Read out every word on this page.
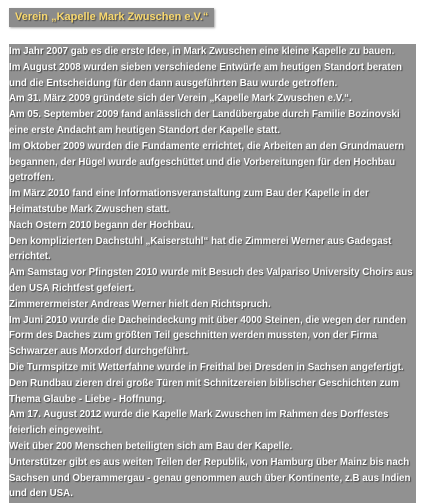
Verein „Kapelle Mark Zwuschen e.V.“
Im Jahr 2007 gab es die erste Idee, in Mark Zwuschen eine kleine Kapelle zu bauen.
Im August 2008 wurden sieben verschiedene Entwürfe am heutigen Standort beraten
und die Entscheidung für den dann ausgeführten Bau wurde getroffen.
Am 31. März 2009 gründete sich der Verein „Kapelle Mark Zwuschen e.V.“.
Am 05. September 2009 fand anlässlich der Landübergabe durch Familie Bozinovski
eine erste Andacht am heutigen Standort der Kapelle statt.
Im Oktober 2009 wurden die Fundamente errichtet, die Arbeiten an den Grundmauern
begannen, der Hügel wurde aufgeschüttet und die Vorbereitungen für den Hochbau
getroffen.
Im März 2010 fand eine Informationsveranstaltung zum Bau der Kapelle in der
Heimatstube Mark Zwuschen statt.
Nach Ostern 2010 begann der Hochbau.
Den komplizierten Dachstuhl „Kaiserstuhl“ hat die Zimmerei Werner aus Gadegast
errichtet.
Am Samstag vor Pfingsten 2010 wurde mit Besuch des Valpariso University Choirs aus
den USA Richtfest gefeiert.
Zimmerermeister Andreas Werner hielt den Richtspruch.
Im Juni 2010 wurde die Dacheindeckung mit über 4000 Steinen, die wegen der runden
Form des Daches zum größten Teil geschnitten werden mussten, von der Firma
Schwarzer aus Morxdorf durchgeführt.
Die Turmspitze mit Wetterfahne wurde in Freithal bei Dresden in Sachsen angefertigt.
Den Rundbau zieren drei große Türen mit Schnitzereien biblischer Geschichten zum
Thema Glaube - Liebe - Hoffnung.
Am 17. August 2012 wurde die Kapelle Mark Zwuschen im Rahmen des Dorffestes
feierlich eingeweiht.
Weit über 200 Menschen beteiligten sich am Bau der Kapelle.
Unterstützer gibt es aus weiten Teilen der Republik, von Hamburg über Mainz bis nach
Sachsen und Oberammergau - genau genommen auch über Kontinente, z.B aus Indien
und den USA.
